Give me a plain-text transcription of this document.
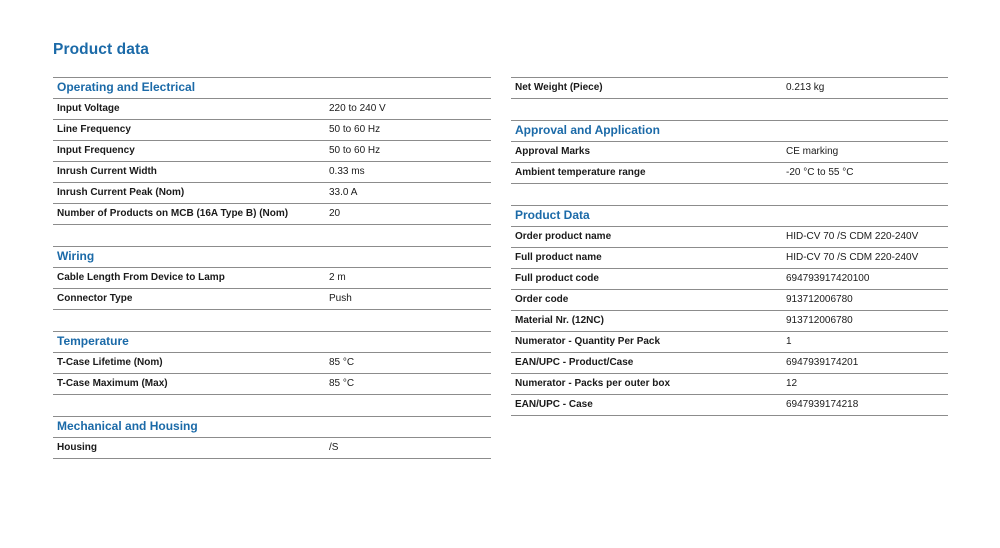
Product data
Operating and Electrical
Input Voltage	220 to 240 V
Line Frequency	50 to 60 Hz
Input Frequency	50 to 60 Hz
Inrush Current Width	0.33 ms
Inrush Current Peak (Nom)	33.0 A
Number of Products on MCB (16A Type B) (Nom)	20
Wiring
Cable Length From Device to Lamp	2 m
Connector Type	Push
Temperature
T-Case Lifetime (Nom)	85 °C
T-Case Maximum (Max)	85 °C
Mechanical and Housing
Housing	/S
Net Weight (Piece)	0.213 kg
Approval and Application
Approval Marks	CE marking
Ambient temperature range	-20 °C to 55 °C
Product Data
Order product name	HID-CV 70 /S CDM 220-240V
Full product name	HID-CV 70 /S CDM 220-240V
Full product code	694793917420100
Order code	913712006780
Material Nr. (12NC)	913712006780
Numerator - Quantity Per Pack	1
EAN/UPC - Product/Case	6947939174201
Numerator - Packs per outer box	12
EAN/UPC - Case	6947939174218
